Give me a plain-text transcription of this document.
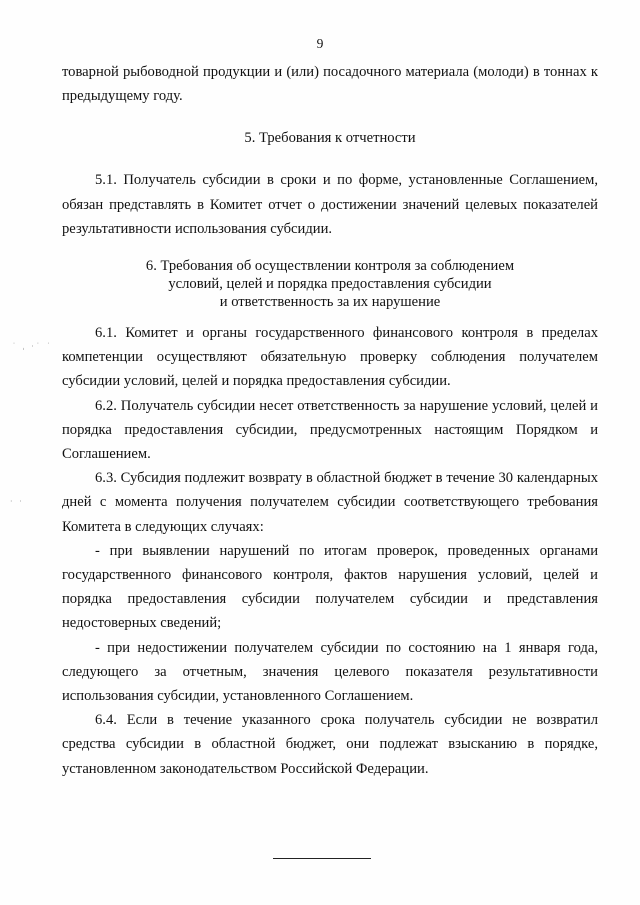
9
˙ ˌ ·˙ ˙
· ·

товарной рыбоводной продукции и (или) посадочного материала (молоди) в тоннах к предыдущему году.

5. Требования к отчетности

5.1. Получатель субсидии в сроки и по форме, установленные Соглашением, обязан представлять в Комитет отчет о достижении значений целевых показателей результативности использования субсидии.

6. Требования об осуществлении контроля за соблюдением

условий, целей и порядка предоставления субсидии

и ответственность за их нарушение

6.1. Комитет и органы государственного финансового контроля в пределах компетенции осуществляют обязательную проверку соблюдения получателем субсидии условий, целей и порядка предоставления субсидии.

6.2. Получатель субсидии несет ответственность за нарушение условий, целей и порядка предоставления субсидии, предусмотренных настоящим Порядком и Соглашением.

6.3. Субсидия подлежит возврату в областной бюджет в течение 30 календарных дней с момента получения получателем субсидии соответствующего требования Комитета в следующих случаях:

- при выявлении нарушений по итогам проверок, проведенных органами государственного финансового контроля, фактов нарушения условий, целей и порядка предоставления субсидии получателем субсидии и представления недостоверных сведений;

- при недостижении получателем субсидии по состоянию на 1 января года, следующего за отчетным, значения целевого показателя результативности использования субсидии, установленного Соглашением.

6.4. Если в течение указанного срока получатель субсидии не возвратил средства субсидии в областной бюджет, они подлежат взысканию в порядке, установленном законодательством Российской Федерации.
